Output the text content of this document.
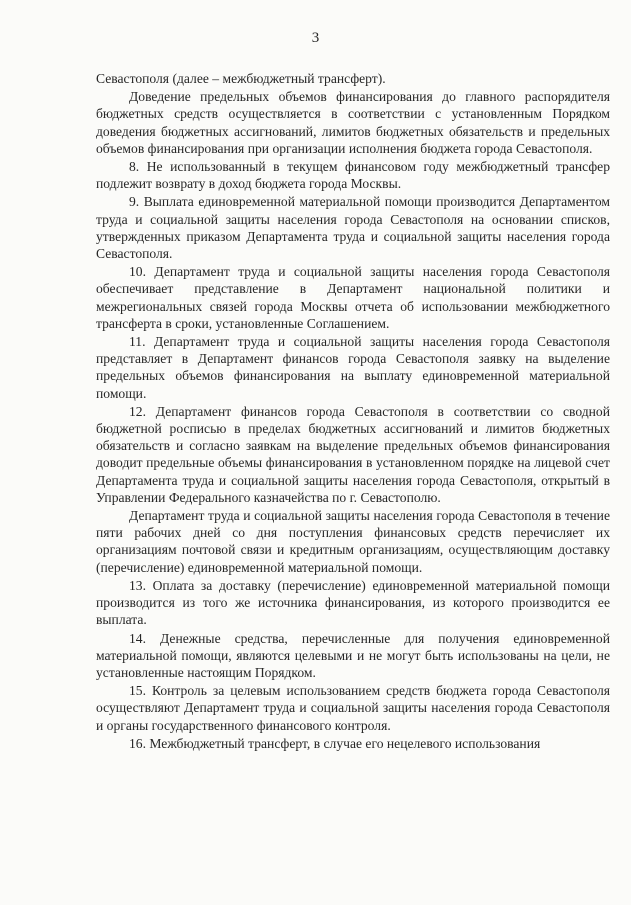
3

Севастополя (далее – межбюджетный трансферт).

Доведение предельных объемов финансирования до главного распорядителя бюджетных средств осуществляется в соответствии с установленным Порядком доведения бюджетных ассигнований, лимитов бюджетных обязательств и предельных объемов финансирования при организации исполнения бюджета города Севастополя.

8. Не использованный в текущем финансовом году межбюджетный трансфер подлежит возврату в доход бюджета города Москвы.

9. Выплата единовременной материальной помощи производится Департаментом труда и социальной защиты населения города Севастополя на основании списков, утвержденных приказом Департамента труда и социальной защиты населения города Севастополя.

10. Департамент труда и социальной защиты населения города Севастополя обеспечивает представление в Департамент национальной политики и межрегиональных связей города Москвы отчета об использовании межбюджетного трансферта в сроки, установленные Соглашением.

11. Департамент труда и социальной защиты населения города Севастополя представляет в Департамент финансов города Севастополя заявку на выделение предельных объемов финансирования на выплату единовременной материальной помощи.

12. Департамент финансов города Севастополя в соответствии со сводной бюджетной росписью в пределах бюджетных ассигнований и лимитов бюджетных обязательств и согласно заявкам на выделение предельных объемов финансирования доводит предельные объемы финансирования в установленном порядке на лицевой счет Департамента труда и социальной защиты населения города Севастополя, открытый в Управлении Федерального казначейства по г. Севастополю.

Департамент труда и социальной защиты населения города Севастополя в течение пяти рабочих дней со дня поступления финансовых средств перечисляет их организациям почтовой связи и кредитным организациям, осуществляющим доставку (перечисление) единовременной материальной помощи.

13. Оплата за доставку (перечисление) единовременной материальной помощи производится из того же источника финансирования, из которого производится ее выплата.

14. Денежные средства, перечисленные для получения единовременной материальной помощи, являются целевыми и не могут быть использованы на цели, не установленные настоящим Порядком.

15. Контроль за целевым использованием средств бюджета города Севастополя осуществляют Департамент труда и социальной защиты населения города Севастополя и органы государственного финансового контроля.

16. Межбюджетный трансферт, в случае его нецелевого использования
